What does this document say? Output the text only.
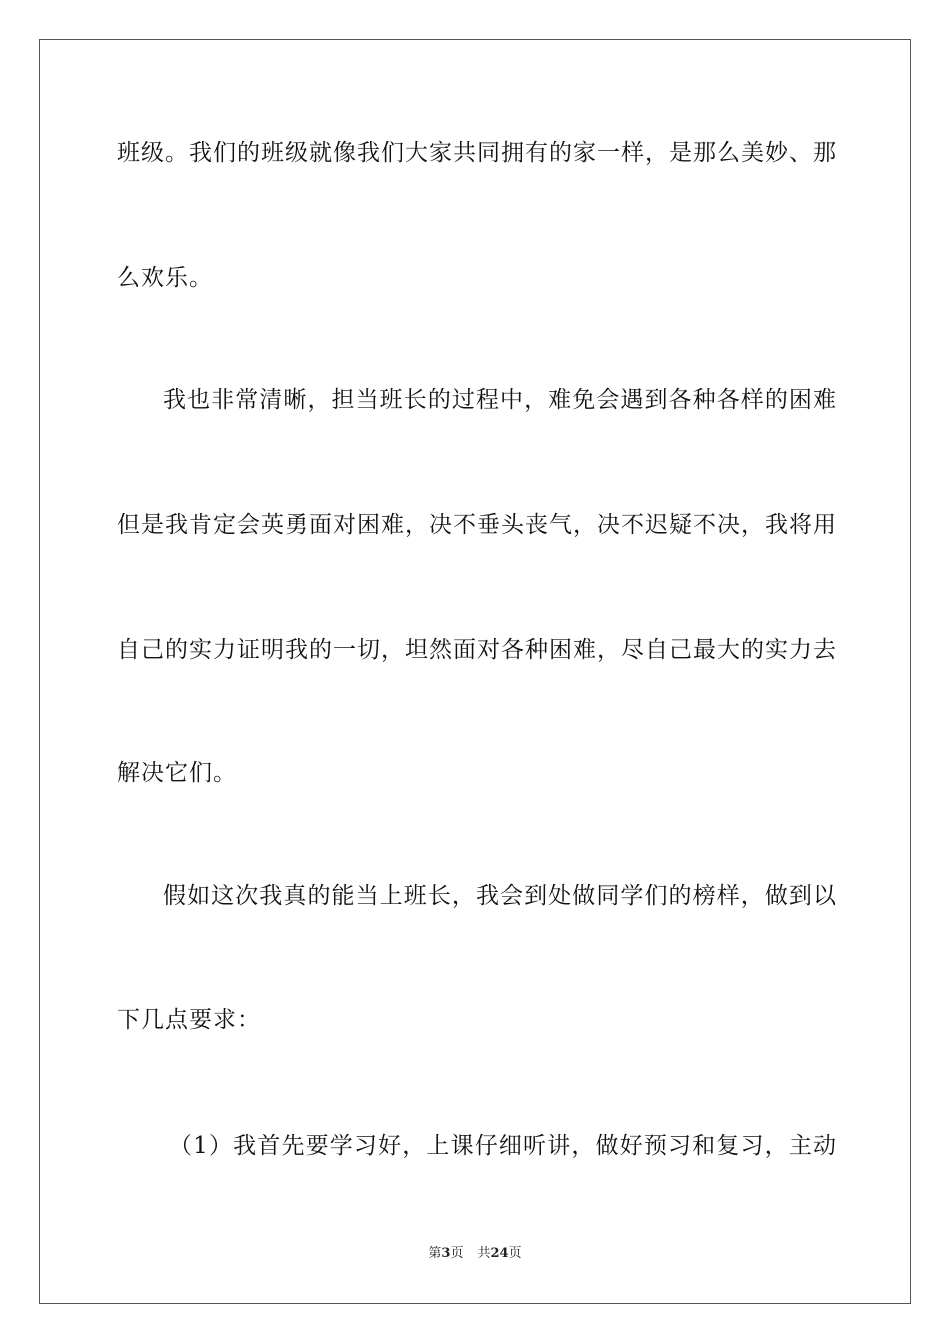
班级。我们的班级就像我们大家共同拥有的家一样，是那么美妙、那
么欢乐。
我也非常清晰，担当班长的过程中，难免会遇到各种各样的困难
但是我肯定会英勇面对困难，决不垂头丧气，决不迟疑不决，我将用
自己的实力证明我的一切，坦然面对各种困难，尽自己最大的实力去
解决它们。
假如这次我真的能当上班长，我会到处做同学们的榜样，做到以
下几点要求：
（1）我首先要学习好，上课仔细听讲，做好预习和复习，主动
第3页 共24页
